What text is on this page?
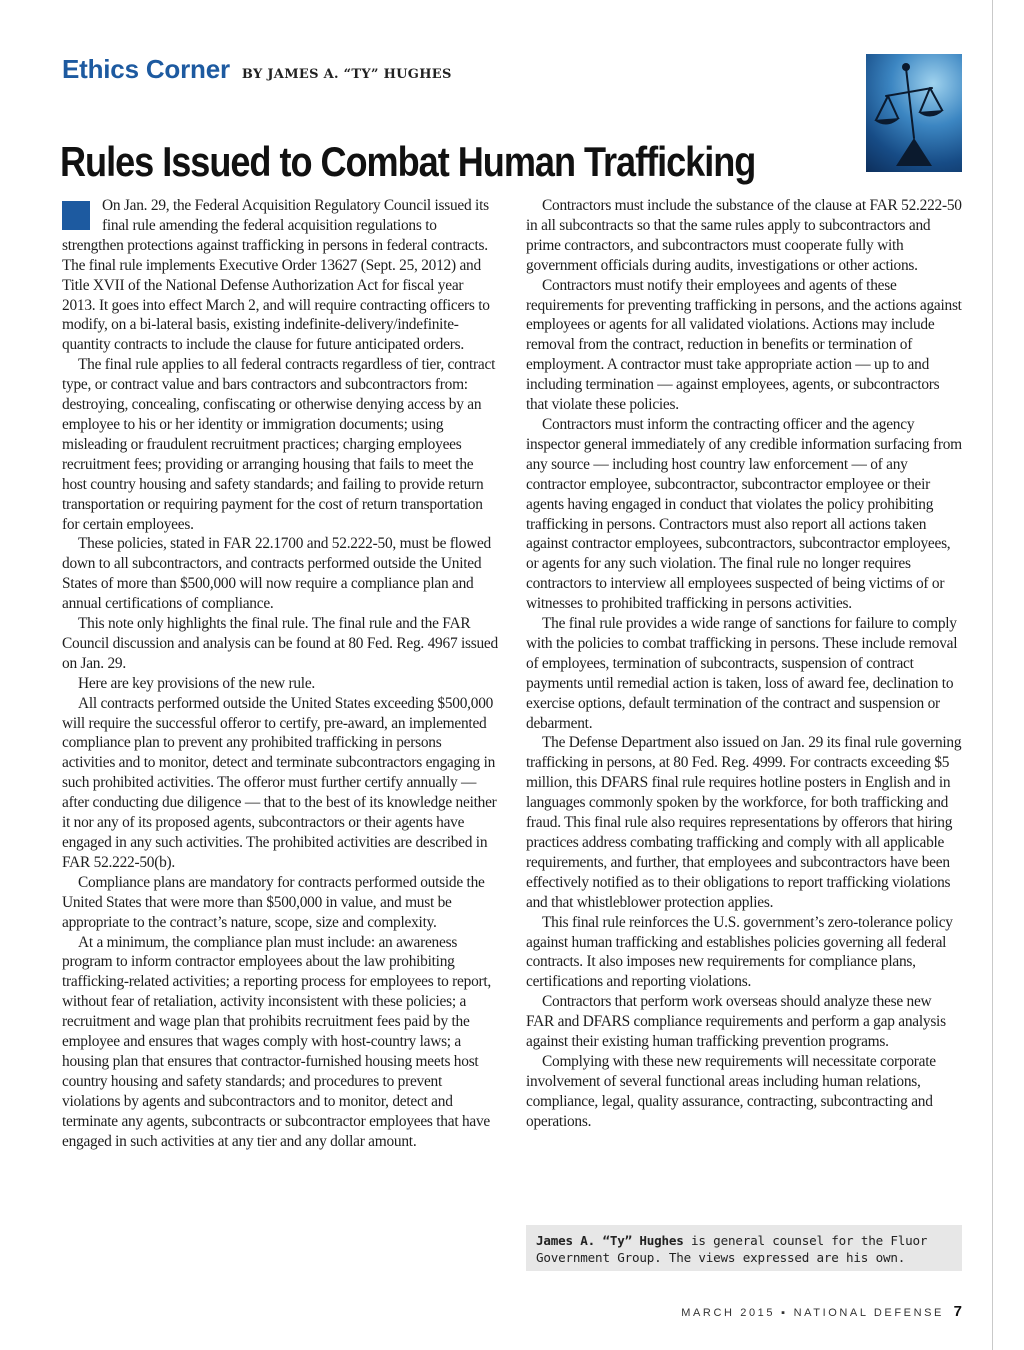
Ethics Corner BY JAMES A. “TY” HUGHES
Rules Issued to Combat Human Trafficking

On Jan. 29, the Federal Acquisition Regulatory Council issued its final rule amending the federal acquisition regulations to strengthen protections against trafficking in persons in federal contracts. The final rule implements Executive Order 13627 (Sept. 25, 2012) and Title XVII of the National Defense Authorization Act for fiscal year 2013. It goes into effect March 2, and will require contracting officers to modify, on a bi-lateral basis, existing indefinite-delivery/indefinite-quantity contracts to include the clause for future anticipated orders.

The final rule applies to all federal contracts regardless of tier, contract type, or contract value and bars contractors and subcontractors from: destroying, concealing, confiscating or otherwise denying access by an employee to his or her identity or immigration documents; using misleading or fraudulent recruitment practices; charging employees recruitment fees; providing or arranging housing that fails to meet the host country housing and safety standards; and failing to provide return transportation or requiring payment for the cost of return transportation for certain employees.

These policies, stated in FAR 22.1700 and 52.222-50, must be flowed down to all subcontractors, and contracts performed outside the United States of more than $500,000 will now require a compliance plan and annual certifications of compliance.

This note only highlights the final rule. The final rule and the FAR Council discussion and analysis can be found at 80 Fed. Reg. 4967 issued on Jan. 29.

Here are key provisions of the new rule.

All contracts performed outside the United States exceeding $500,000 will require the successful offeror to certify, pre-award, an implemented compliance plan to prevent any prohibited trafficking in persons activities and to monitor, detect and terminate subcontractors engaging in such prohibited activities. The offeror must further certify annually — after conducting due diligence — that to the best of its knowledge neither it nor any of its proposed agents, subcontractors or their agents have engaged in any such activities. The prohibited activities are described in FAR 52.222-50(b).

Compliance plans are mandatory for contracts performed outside the United States that were more than $500,000 in value, and must be appropriate to the contract’s nature, scope, size and complexity.

At a minimum, the compliance plan must include: an awareness program to inform contractor employees about the law prohibiting trafficking-related activities; a reporting process for employees to report, without fear of retaliation, activity inconsistent with these policies; a recruitment and wage plan that prohibits recruitment fees paid by the employee and ensures that wages comply with host-country laws; a housing plan that ensures that contractor-furnished housing meets host country housing and safety standards; and procedures to prevent violations by agents and subcontractors and to monitor, detect and terminate any agents, subcontracts or subcontractor employees that have engaged in such activities at any tier and any dollar amount.

Contractors must include the substance of the clause at FAR 52.222-50 in all subcontracts so that the same rules apply to subcontractors and prime contractors, and subcontractors must cooperate fully with government officials during audits, investigations or other actions.

Contractors must notify their employees and agents of these requirements for preventing trafficking in persons, and the actions against employees or agents for all validated violations. Actions may include removal from the contract, reduction in benefits or termination of employment. A contractor must take appropriate action — up to and including termination — against employees, agents, or subcontractors that violate these policies.

Contractors must inform the contracting officer and the agency inspector general immediately of any credible information surfacing from any source — including host country law enforcement — of any contractor employee, subcontractor, subcontractor employee or their agents having engaged in conduct that violates the policy prohibiting trafficking in persons. Contractors must also report all actions taken against contractor employees, subcontractors, subcontractor employees, or agents for any such violation. The final rule no longer requires contractors to interview all employees suspected of being victims of or witnesses to prohibited trafficking in persons activities.

The final rule provides a wide range of sanctions for failure to comply with the policies to combat trafficking in persons. These include removal of employees, termination of subcontracts, suspension of contract payments until remedial action is taken, loss of award fee, declination to exercise options, default termination of the contract and suspension or debarment.

The Defense Department also issued on Jan. 29 its final rule governing trafficking in persons, at 80 Fed. Reg. 4999. For contracts exceeding $5 million, this DFARS final rule requires hotline posters in English and in languages commonly spoken by the workforce, for both trafficking and fraud. This final rule also requires representations by offerors that hiring practices address combating trafficking and comply with all applicable requirements, and further, that employees and subcontractors have been effectively notified as to their obligations to report trafficking violations and that whistleblower protection applies.

This final rule reinforces the U.S. government’s zero-tolerance policy against human trafficking and establishes policies governing all federal contracts. It also imposes new requirements for compliance plans, certifications and reporting violations.

Contractors that perform work overseas should analyze these new FAR and DFARS compliance requirements and perform a gap analysis against their existing human trafficking prevention programs.

Complying with these new requirements will necessitate corporate involvement of several functional areas including human relations, compliance, legal, quality assurance, contracting, subcontracting and operations.

James A. “Ty” Hughes is general counsel for the Fluor Government Group. The views expressed are his own.
MARCH 2015 ▪ NATIONAL DEFENSE 7
